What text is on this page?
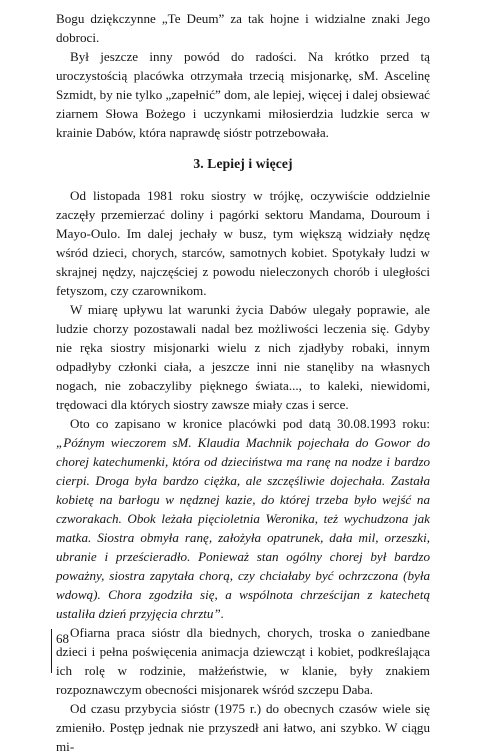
Bogu dziękczynne „Te Deum” za tak hojne i widzialne znaki Jego dobroci.

Był jeszcze inny powód do radości. Na krótko przed tą uroczystością placówka otrzymała trzecią misjonarkę, sM. Ascelinę Szmidt, by nie tylko „zapełnić” dom, ale lepiej, więcej i dalej obsiewać ziarnem Słowa Bożego i uczynkami miłosierdzia ludzkie serca w krainie Dabów, która naprawdę sióstr potrzebowała.

3. Lepiej i więcej

Od listopada 1981 roku siostry w trójkę, oczywiście oddzielnie zaczęły przemierzać doliny i pagórki sektoru Mandama, Douroum i Mayo-Oulo. Im dalej jechały w busz, tym większą widziały nędzę wśród dzieci, chorych, starców, samotnych kobiet. Spotykały ludzi w skrajnej nędzy, najczęściej z powodu nieleczonych chorób i uległości fetyszom, czy czarownikom.

W miarę upływu lat warunki życia Dabów ulegały poprawie, ale ludzie chorzy pozostawali nadal bez możliwości leczenia się. Gdyby nie ręka siostry misjonarki wielu z nich zjadłyby robaki, innym odpadłyby członki ciała, a jeszcze inni nie stanęliby na własnych nogach, nie zobaczyliby pięknego świata..., to kaleki, niewidomi, trędowaci dla których siostry zawsze miały czas i serce.

Oto co zapisano w kronice placówki pod datą 30.08.1993 roku: „Późnym wieczorem sM. Klaudia Machnik pojechała do Gowor do chorej katechumenki, która od dzieciństwa ma ranę na nodze i bardzo cierpi. Droga była bardzo ciężka, ale szczęśliwie dojechała. Zastała kobietę na barłogu w nędznej kazie, do której trzeba było wejść na czworakach. Obok leżała pięcioletnia Weronika, też wychudzona jak matka. Siostra obmyła ranę, założyła opatrunek, dała mil, orzeszki, ubranie i prześcieradło. Ponieważ stan ogólny chorej był bardzo poważny, siostra zapytała chorą, czy chciałaby być ochrzczona (była wdową). Chora zgodziła się, a wspólnota chrześcijan z katechetą ustaliła dzień przyjęcia chrztu”.

Ofiarna praca sióstr dla biednych, chorych, troska o zaniedbane dzieci i pełna poświęcenia animacja dziewcząt i kobiet, podkreślająca ich rolę w rodzinie, małżeństwie, w klanie, były znakiem rozpoznawczym obecności misjonarek wśród szczepu Daba.

Od czasu przybycia sióstr (1975 r.) do obecnych czasów wiele się zmieniło. Postęp jednak nie przyszedł ani łatwo, ani szybko. W ciągu mi-

68
